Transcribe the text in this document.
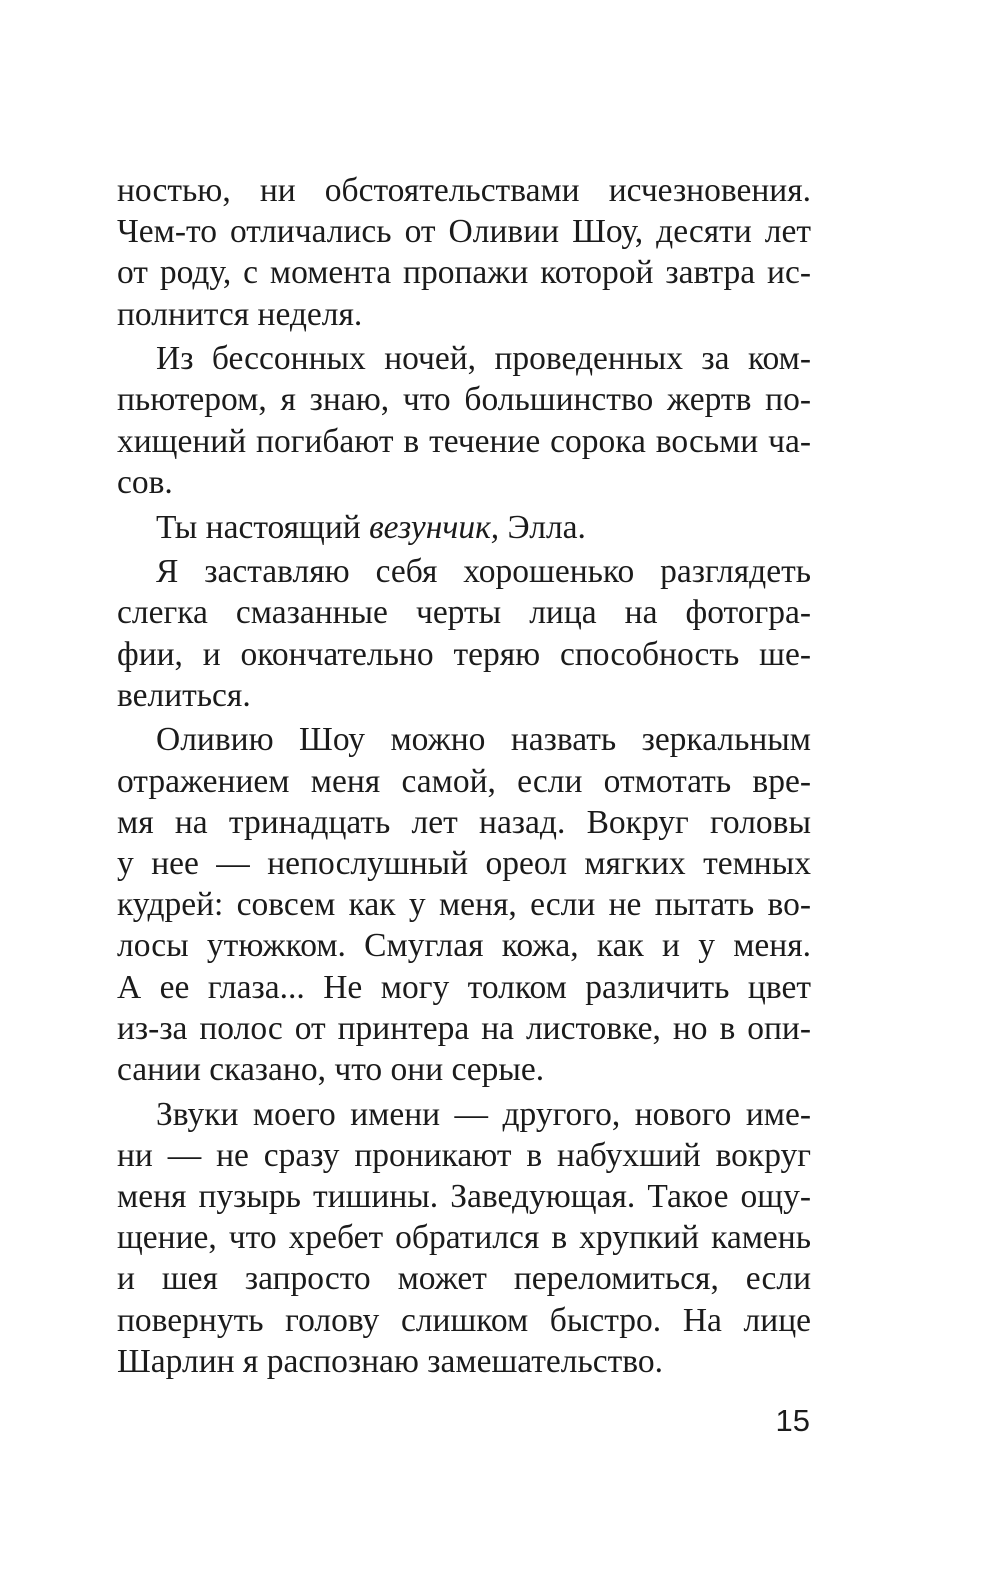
ностью, ни обстоятельствами исчезновения.
Чем-то отличались от Оливии Шоу, десяти лет
от роду, с момента пропажи которой завтра ис-
полнится неделя.

Из бессонных ночей, проведенных за ком-
пьютером, я знаю, что большинство жертв по-
хищений погибают в течение сорока восьми ча-
сов.

Ты настоящий везунчик, Элла.

Я заставляю себя хорошенько разглядеть
слегка смазанные черты лица на фотогра-
фии, и окончательно теряю способность ше-
велиться.

Оливию Шоу можно назвать зеркальным
отражением меня самой, если отмотать вре-
мя на тринадцать лет назад. Вокруг головы
у нее — непослушный ореол мягких темных
кудрей: совсем как у меня, если не пытать во-
лосы утюжком. Смуглая кожа, как и у меня.
А ее глаза... Не могу толком различить цвет
из-за полос от принтера на листовке, но в опи-
сании сказано, что они серые.

Звуки моего имени — другого, нового име-
ни — не сразу проникают в набухший вокруг
меня пузырь тишины. Заведующая. Такое ощу-
щение, что хребет обратился в хрупкий камень
и шея запросто может переломиться, если
повернуть голову слишком быстро. На лице
Шарлин я распознаю замешательство.

15
